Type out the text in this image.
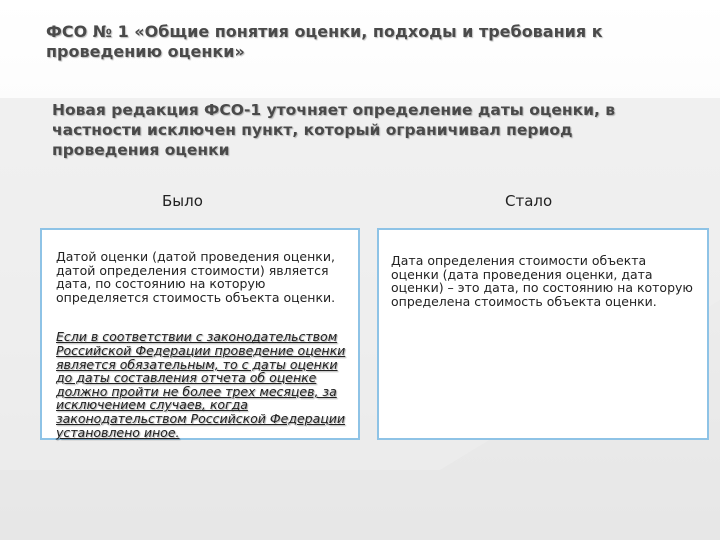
ФСО № 1 «Общие понятия оценки, подходы и требования к проведению оценки»
Новая редакция ФСО-1 уточняет определение даты оценки, в частности исключен пункт, который ограничивал период проведения оценки
Было	Стало

Датой оценки (датой проведения оценки, датой определения стоимости) является дата, по состоянию на которую определяется стоимость объекта оценки.

Если в соответствии с законодательством Российской Федерации проведение оценки является обязательным, то с даты оценки до даты составления отчета об оценке должно пройти не более трех месяцев, за исключением случаев, когда законодательством Российской Федерации установлено иное.

Дата определения стоимости объекта оценки (дата проведения оценки, дата оценки) – это дата, по состоянию на которую определена стоимость объекта оценки.
